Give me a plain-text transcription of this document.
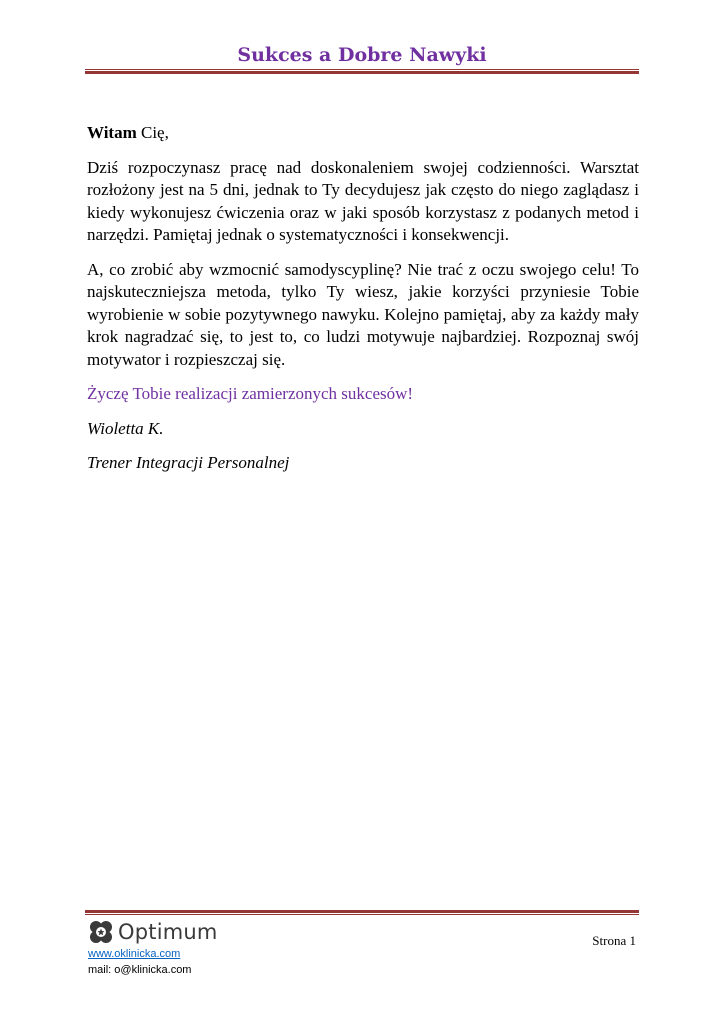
Sukces a Dobre Nawyki

Witam Cię,

Dziś rozpoczynasz pracę nad doskonaleniem swojej codzienności. Warsztat rozłożony jest na 5 dni, jednak to Ty decydujesz jak często do niego zaglądasz i kiedy wykonujesz ćwiczenia oraz w jaki sposób korzystasz z podanych metod i narzędzi. Pamiętaj jednak o systematyczności i konsekwencji.

A, co zrobić aby wzmocnić samodyscyplinę? Nie trać z oczu swojego celu! To najskuteczniejsza metoda, tylko Ty wiesz, jakie korzyści przyniesie Tobie wyrobienie w sobie pozytywnego nawyku. Kolejno pamiętaj, aby za każdy mały krok nagradzać się, to jest to, co ludzi motywuje najbardziej. Rozpoznaj swój motywator i rozpieszczaj się.

Życzę Tobie realizacji zamierzonych sukcesów!

Wioletta K.

Trener Integracji Personalnej

Optimum
www.oklinicka.com
mail: o@klinicka.com
Strona 1
